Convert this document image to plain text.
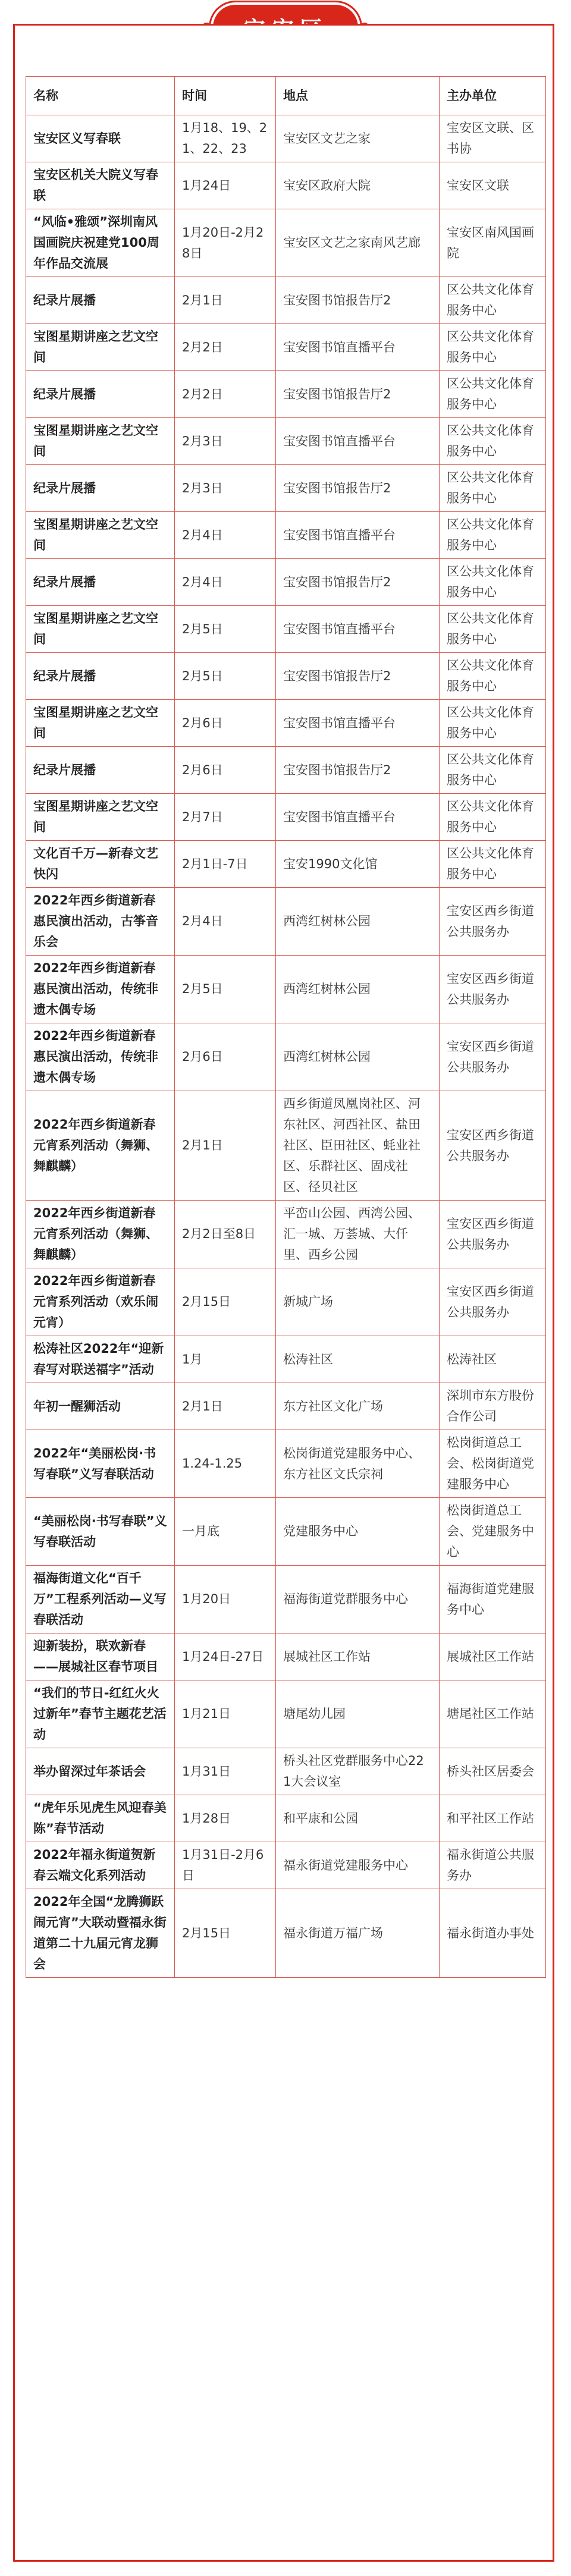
名称	时间	地点	主办单位
宝安区义写春联	1月18、19、21、22、23	宝安区文艺之家	宝安区文联、区书协
宝安区机关大院义写春联	1月24日	宝安区政府大院	宝安区文联
“风临•雅颂”深圳南风国画院庆祝建党100周年作品交流展	1月20日-2月28日	宝安区文艺之家南风艺廊	宝安区南风国画院
纪录片展播	2月1日	宝安图书馆报告厅2	区公共文化体育服务中心
宝图星期讲座之艺文空间	2月2日	宝安图书馆直播平台	区公共文化体育服务中心
纪录片展播	2月2日	宝安图书馆报告厅2	区公共文化体育服务中心
宝图星期讲座之艺文空间	2月3日	宝安图书馆直播平台	区公共文化体育服务中心
纪录片展播	2月3日	宝安图书馆报告厅2	区公共文化体育服务中心
宝图星期讲座之艺文空间	2月4日	宝安图书馆直播平台	区公共文化体育服务中心
纪录片展播	2月4日	宝安图书馆报告厅2	区公共文化体育服务中心
宝图星期讲座之艺文空间	2月5日	宝安图书馆直播平台	区公共文化体育服务中心
纪录片展播	2月5日	宝安图书馆报告厅2	区公共文化体育服务中心
宝图星期讲座之艺文空间	2月6日	宝安图书馆直播平台	区公共文化体育服务中心
纪录片展播	2月6日	宝安图书馆报告厅2	区公共文化体育服务中心
宝图星期讲座之艺文空间	2月7日	宝安图书馆直播平台	区公共文化体育服务中心
文化百千万—新春文艺快闪	2月1日-7日	宝安1990文化馆	区公共文化体育服务中心
2022年西乡街道新春惠民演出活动，古筝音乐会	2月4日	西湾红树林公园	宝安区西乡街道公共服务办
2022年西乡街道新春惠民演出活动，传统非遗木偶专场	2月5日	西湾红树林公园	宝安区西乡街道公共服务办
2022年西乡街道新春惠民演出活动，传统非遗木偶专场	2月6日	西湾红树林公园	宝安区西乡街道公共服务办
2022年西乡街道新春元宵系列活动（舞狮、舞麒麟）	2月1日	西乡街道凤凰岗社区、河东社区、河西社区、盐田社区、臣田社区、蚝业社区、乐群社区、固戍社区、径贝社区	宝安区西乡街道公共服务办
2022年西乡街道新春元宵系列活动（舞狮、舞麒麟）	2月2日至8日	平峦山公园、西湾公园、汇一城、万荟城、大仟里、西乡公园	宝安区西乡街道公共服务办
2022年西乡街道新春元宵系列活动（欢乐闹元宵）	2月15日	新城广场	宝安区西乡街道公共服务办
松涛社区2022年“迎新春写对联送福字”活动	1月	松涛社区	松涛社区
年初一醒狮活动	2月1日	东方社区文化广场	深圳市东方股份合作公司
2022年“美丽松岗·书写春联”义写春联活动	1.24-1.25	松岗街道党建服务中心、东方社区文氏宗祠	松岗街道总工会、松岗街道党建服务中心
“美丽松岗·书写春联”义写春联活动	一月底	党建服务中心	松岗街道总工会、党建服务中心
福海街道文化“百千万”工程系列活动—义写春联活动	1月20日	福海街道党群服务中心	福海街道党建服务中心
迎新装扮，联欢新春——展城社区春节项目	1月24日-27日	展城社区工作站	展城社区工作站
“我们的节日-红红火火过新年”春节主题花艺活动	1月21日	塘尾幼儿园	塘尾社区工作站
举办留深过年茶话会	1月31日	桥头社区党群服务中心221大会议室	桥头社区居委会
“虎年乐见虎生风迎春美陈”春节活动	1月28日	和平康和公园	和平社区工作站
2022年福永街道贺新春云端文化系列活动	1月31日-2月6日	福永街道党建服务中心	福永街道公共服务办
2022年全国“龙腾狮跃闹元宵”大联动暨福永街道第二十九届元宵龙狮会	2月15日	福永街道万福广场	福永街道办事处
